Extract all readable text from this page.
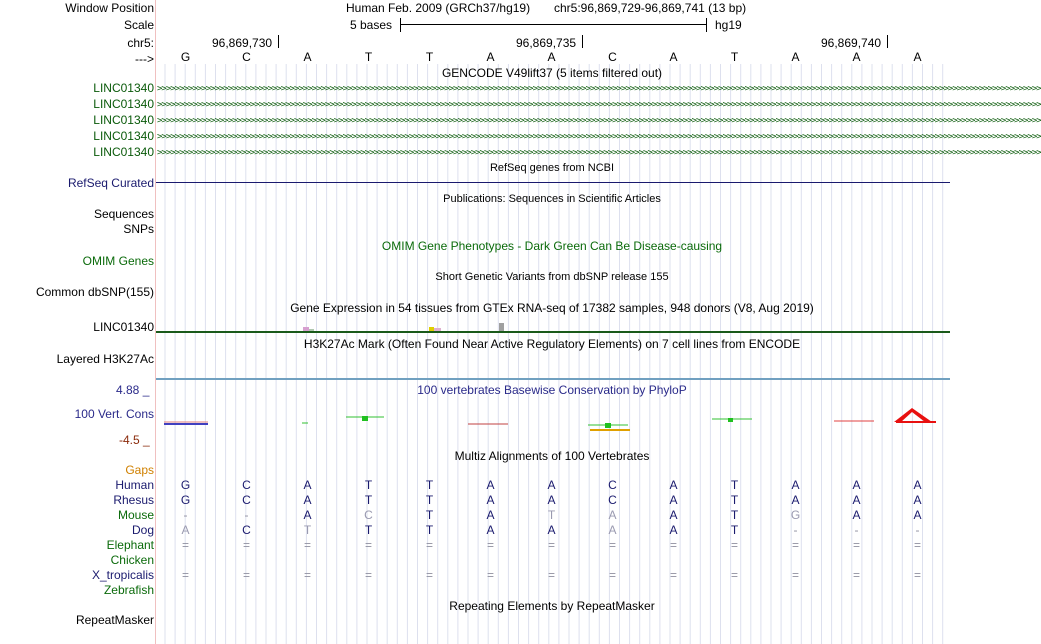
Window Position
Scale
chr5:
--->
Human Feb. 2009 (GRCh37/hg19) chr5:96,869,729-96,869,741 (13 bp)
5 bases	hg19
96,869,730	96,869,735	96,869,740
G	C	A	T	T	A	A	C	A	T	A	A	A
GENCODE V49lift37 (5 items filtered out)
LINC01340 >>>>>>>>>>>>>>>>>>>>>>>>>>>>>>>>>>>>>>>>>>>>>>>>>>>>>>>>>>>>>>>>>>>>>>>>>>>>>>>>>>>>>>>>>>>>>>>>>>>>>>>>>>>>>>>>>>>>>>>>>>>>>>>>>>>>>>>>>>>>>>>>>>>>>>>>>>>>>>>>>>>>>>>>>>>>>>>>>>>>>>>>>>>>>>>>>>>>>>>>
LINC01340 >>>>>>>>>>>>>>>>>>>>>>>>>>>>>>>>>>>>>>>>>>>>>>>>>>>>>>>>>>>>>>>>>>>>>>>>>>>>>>>>>>>>>>>>>>>>>>>>>>>>>>>>>>>>>>>>>>>>>>>>>>>>>>>>>>>>>>>>>>>>>>>>>>>>>>>>>>>>>>>>>>>>>>>>>>>>>>>>>>>>>>>>>>>>>>>>>>>>>>>>
LINC01340 >>>>>>>>>>>>>>>>>>>>>>>>>>>>>>>>>>>>>>>>>>>>>>>>>>>>>>>>>>>>>>>>>>>>>>>>>>>>>>>>>>>>>>>>>>>>>>>>>>>>>>>>>>>>>>>>>>>>>>>>>>>>>>>>>>>>>>>>>>>>>>>>>>>>>>>>>>>>>>>>>>>>>>>>>>>>>>>>>>>>>>>>>>>>>>>>>>>>>>>>
LINC01340 >>>>>>>>>>>>>>>>>>>>>>>>>>>>>>>>>>>>>>>>>>>>>>>>>>>>>>>>>>>>>>>>>>>>>>>>>>>>>>>>>>>>>>>>>>>>>>>>>>>>>>>>>>>>>>>>>>>>>>>>>>>>>>>>>>>>>>>>>>>>>>>>>>>>>>>>>>>>>>>>>>>>>>>>>>>>>>>>>>>>>>>>>>>>>>>>>>>>>>>>
LINC01340 >>>>>>>>>>>>>>>>>>>>>>>>>>>>>>>>>>>>>>>>>>>>>>>>>>>>>>>>>>>>>>>>>>>>>>>>>>>>>>>>>>>>>>>>>>>>>>>>>>>>>>>>>>>>>>>>>>>>>>>>>>>>>>>>>>>>>>>>>>>>>>>>>>>>>>>>>>>>>>>>>>>>>>>>>>>>>>>>>>>>>>>>>>>>>>>>>>>>>>>>
RefSeq genes from NCBI
RefSeq Curated
Publications: Sequences in Scientific Articles
Sequences
SNPs
OMIM Gene Phenotypes - Dark Green Can Be Disease-causing
OMIM Genes
Short Genetic Variants from dbSNP release 155
Common dbSNP(155)
Gene Expression in 54 tissues from GTEx RNA-seq of 17382 samples, 948 donors (V8, Aug 2019)
LINC01340
H3K27Ac Mark (Often Found Near Active Regulatory Elements) on 7 cell lines from ENCODE
Layered H3K27Ac
100 vertebrates Basewise Conservation by PhyloP
4.88 _
100 Vert. Cons
-4.5 _
Multiz Alignments of 100 Vertebrates
Gaps
Human	G	C	A	T	T	A	A	C	A	T	A	A	A
Rhesus	G	C	A	T	T	A	A	C	A	T	A	A	A
Mouse	-	-	A	C	T	A	T	A	A	T	G	A	A
Dog	A	C	T	T	T	A	A	A	A	T	-	-	-
Elephant	=	=	=	=	=	=	=	=	=	=	=	=	=
Chicken
X_tropicalis	=	=	=	=	=	=	=	=	=	=	=	=	=
Zebrafish
Repeating Elements by RepeatMasker
RepeatMasker
